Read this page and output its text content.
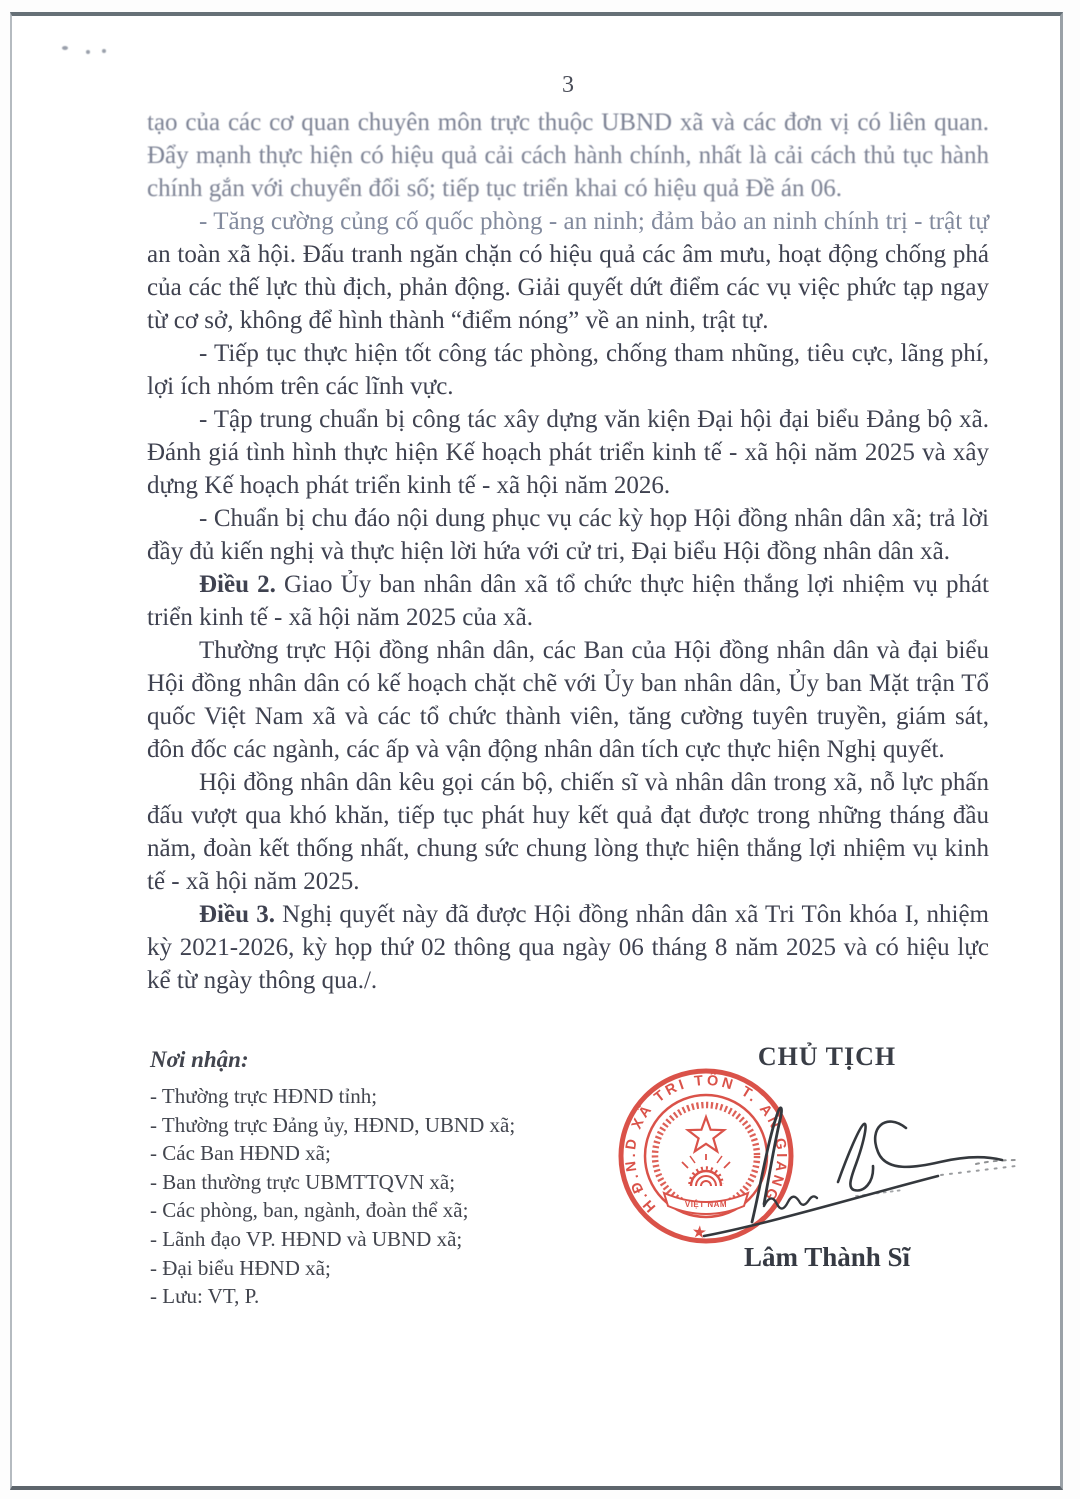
3

tạo của các cơ quan chuyên môn trực thuộc UBND xã và các đơn vị có liên quan. Đẩy mạnh thực hiện có hiệu quả cải cách hành chính, nhất là cải cách thủ tục hành chính gắn với chuyển đổi số; tiếp tục triển khai có hiệu quả Đề án 06.

- Tăng cường củng cố quốc phòng - an ninh; đảm bảo an ninh chính trị - trật tự an toàn xã hội. Đấu tranh ngăn chặn có hiệu quả các âm mưu, hoạt động chống phá của các thế lực thù địch, phản động. Giải quyết dứt điểm các vụ việc phức tạp ngay từ cơ sở, không để hình thành “điểm nóng” về an ninh, trật tự.

- Tiếp tục thực hiện tốt công tác phòng, chống tham nhũng, tiêu cực, lãng phí, lợi ích nhóm trên các lĩnh vực.

- Tập trung chuẩn bị công tác xây dựng văn kiện Đại hội đại biểu Đảng bộ xã. Đánh giá tình hình thực hiện Kế hoạch phát triển kinh tế - xã hội năm 2025 và xây dựng Kế hoạch phát triển kinh tế - xã hội năm 2026.

- Chuẩn bị chu đáo nội dung phục vụ các kỳ họp Hội đồng nhân dân xã; trả lời đầy đủ kiến nghị và thực hiện lời hứa với cử tri, Đại biểu Hội đồng nhân dân xã.

Điều 2. Giao Ủy ban nhân dân xã tổ chức thực hiện thắng lợi nhiệm vụ phát triển kinh tế - xã hội năm 2025 của xã.

Thường trực Hội đồng nhân dân, các Ban của Hội đồng nhân dân và đại biểu Hội đồng nhân dân có kế hoạch chặt chẽ với Ủy ban nhân dân, Ủy ban Mặt trận Tổ quốc Việt Nam xã và các tổ chức thành viên, tăng cường tuyên truyền, giám sát, đôn đốc các ngành, các ấp và vận động nhân dân tích cực thực hiện Nghị quyết.

Hội đồng nhân dân kêu gọi cán bộ, chiến sĩ và nhân dân trong xã, nỗ lực phấn đấu vượt qua khó khăn, tiếp tục phát huy kết quả đạt được trong những tháng đầu năm, đoàn kết thống nhất, chung sức chung lòng thực hiện thắng lợi nhiệm vụ kinh tế - xã hội năm 2025.

Điều 3. Nghị quyết này đã được Hội đồng nhân dân xã Tri Tôn khóa I, nhiệm kỳ 2021-2026, kỳ họp thứ 02 thông qua ngày 06 tháng 8 năm 2025 và có hiệu lực kể từ ngày thông qua./.

Nơi nhận:
- Thường trực HĐND tỉnh;
- Thường trực Đảng ủy, HĐND, UBND xã;
- Các Ban HĐND xã;
- Ban thường trực UBMTTQVN xã;
- Các phòng, ban, ngành, đoàn thể xã;
- Lãnh đạo VP. HĐND và UBND xã;
- Đại biểu HĐND xã;
- Lưu: VT, P.
CHỦ TỊCH
VIỆT NAM
H.Đ.N.D XÃ TRI TÔN T. AN GIANG
★
Lâm Thành Sĩ
